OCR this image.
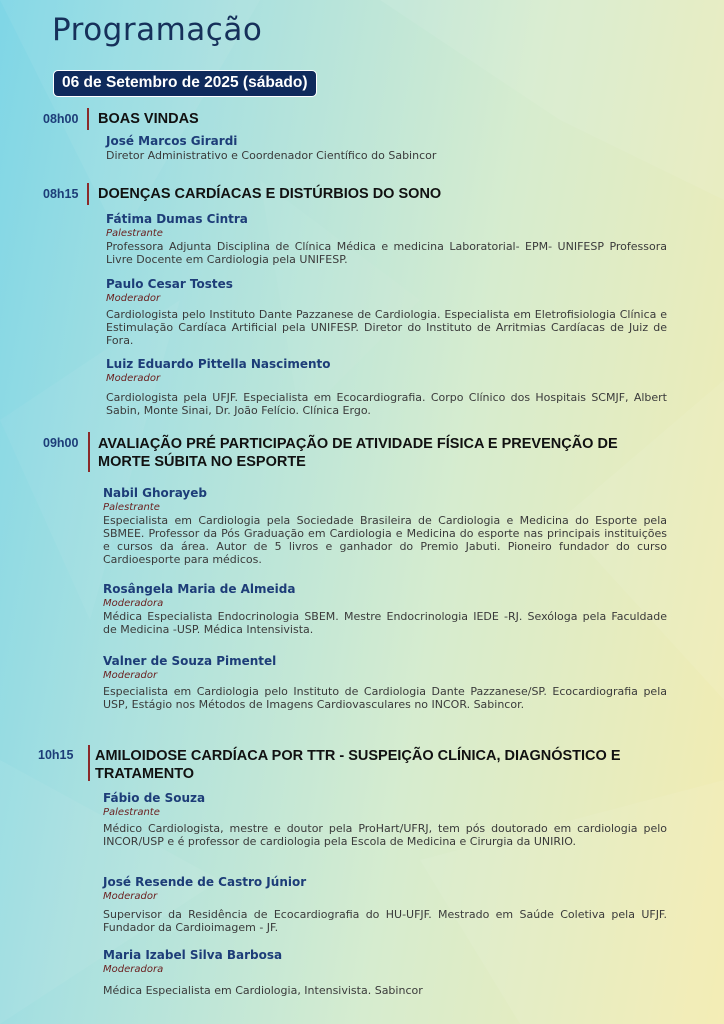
Programação
06 de Setembro de 2025 (sábado)
08h00 BOAS VINDAS
José Marcos Girardi
Diretor Administrativo e Coordenador Científico do Sabincor
08h15 DOENÇAS CARDÍACAS E DISTÚRBIOS DO SONO
Fátima Dumas Cintra
Palestrante
Professora Adjunta Disciplina de Clínica Médica e medicina Laboratorial- EPM- UNIFESP Professora Livre Docente em Cardiologia pela UNIFESP.
Paulo Cesar Tostes
Moderador
Cardiologista pelo Instituto Dante Pazzanese de Cardiologia. Especialista em Eletrofisiologia Clínica e Estimulação Cardíaca Artificial pela UNIFESP. Diretor do Instituto de Arritmias Cardíacas de Juiz de Fora.
Luiz Eduardo Pittella Nascimento
Moderador
Cardiologista pela UFJF. Especialista em Ecocardiografia. Corpo Clínico dos Hospitais SCMJF, Albert Sabin, Monte Sinai, Dr. João Felício. Clínica Ergo.
09h00 AVALIAÇÃO PRÉ PARTICIPAÇÃO DE ATIVIDADE FÍSICA E PREVENÇÃO DE MORTE SÚBITA NO ESPORTE
Nabil Ghorayeb
Palestrante
Especialista em Cardiologia pela Sociedade Brasileira de Cardiologia e Medicina do Esporte pela SBMEE. Professor da Pós Graduação em Cardiologia e Medicina do esporte nas principais instituições e cursos da área. Autor de 5 livros e ganhador do Premio Jabuti. Pioneiro fundador do curso Cardioesporte para médicos.
Rosângela Maria de Almeida
Moderadora
Médica Especialista Endocrinologia SBEM. Mestre Endocrinologia IEDE -RJ. Sexóloga pela Faculdade de Medicina -USP. Médica Intensivista.
Valner de Souza Pimentel
Moderador
Especialista em Cardiologia pelo Instituto de Cardiologia Dante Pazzanese/SP. Ecocardiografia pela USP, Estágio nos Métodos de Imagens Cardiovasculares no INCOR. Sabincor.
10h15 AMILOIDOSE CARDÍACA POR TTR - SUSPEIÇÃO CLÍNICA, DIAGNÓSTICO E TRATAMENTO
Fábio de Souza
Palestrante
Médico Cardiologista, mestre e doutor pela ProHart/UFRJ, tem pós doutorado em cardiologia pelo INCOR/USP e é professor de cardiologia pela Escola de Medicina e Cirurgia da UNIRIO.
José Resende de Castro Júnior
Moderador
Supervisor da Residência de Ecocardiografia do HU-UFJF. Mestrado em Saúde Coletiva pela UFJF. Fundador da Cardioimagem - JF.
Maria Izabel Silva Barbosa
Moderadora
Médica Especialista em Cardiologia, Intensivista. Sabincor
